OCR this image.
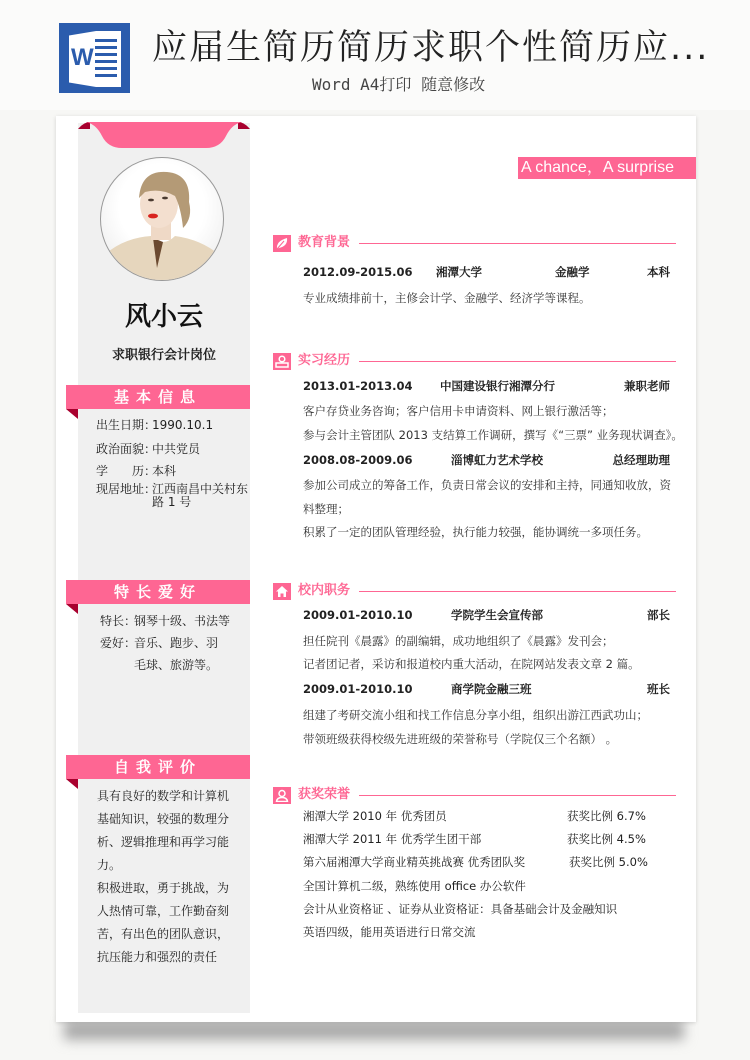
W 应届生简历简历求职个性简历应...
Word A4打印 随意修改
风小云
求职银行会计岗位
基本信息
出生日期：1990.10.1
政治面貌：中共党员
学　　历：本科
现居地址：江西南昌中关村东路 1 号
特长爱好
特长：钢琴十级、书法等
爱好：音乐、跑步、羽毛球、旅游等。
自我评价
具有良好的数学和计算机基础知识，较强的数理分析、逻辑推理和再学习能力。
积极进取，勇于挑战，为人热情可靠，工作勤奋刻苦，有出色的团队意识，抗压能力和强烈的责任
A chance，A surprise
教育背景
2012.09-2015.06 湘潭大学	金融学	本科
专业成绩排前十，主修会计学、金融学、经济学等课程。
实习经历
2013.01-2013.04 中国建设银行湘潭分行	兼职老师
客户存贷业务咨询；客户信用卡申请资料、网上银行激活等；
参与会计主管团队 2013 支结算工作调研，撰写《“三票” 业务现状调查》。
2008.08-2009.06	淄博虹力艺术学校	总经理助理
参加公司成立的筹备工作，负责日常会议的安排和主持，同通知收放，资料整理；
积累了一定的团队管理经验，执行能力较强，能协调统一多项任务。
校内职务
2009.01-2010.10	学院学生会宣传部	部长
担任院刊《晨露》的副编辑，成功地组织了《晨露》发刊会；
记者团记者，采访和报道校内重大活动，在院网站发表文章 2 篇。
2009.01-2010.10	商学院金融三班	班长
组建了考研交流小组和找工作信息分享小组，组织出游江西武功山；
带领班级获得校级先进班级的荣誉称号（学院仅三个名额） 。
获奖荣誉
湘潭大学 2010 年 优秀团员	获奖比例 6.7%
湘潭大学 2011 年 优秀学生团干部	获奖比例 4.5%
第六届湘潭大学商业精英挑战赛 优秀团队奖	获奖比例 5.0%
全国计算机二级，熟练使用 office 办公软件
会计从业资格证 、证券从业资格证：具备基础会计及金融知识
英语四级，能用英语进行日常交流
